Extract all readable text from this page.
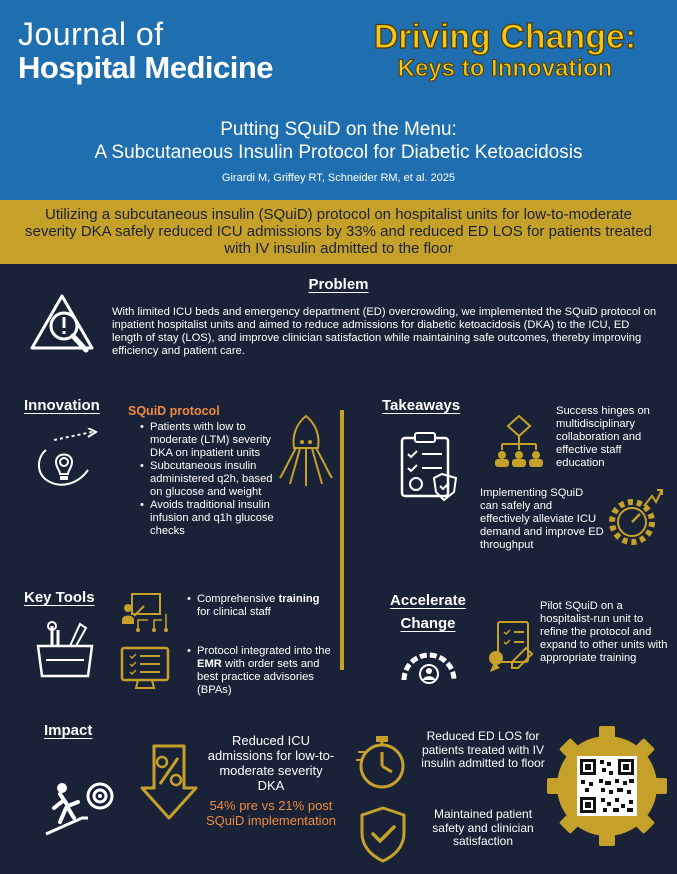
Journal of
Hospital Medicine
Driving Change:
Keys to Innovation
Putting SQuiD on the Menu:
A Subcutaneous Insulin Protocol for Diabetic Ketoacidosis
Girardi M, Griffey RT, Schneider RM, et al. 2025
Utilizing a subcutaneous insulin (SQuiD) protocol on hospitalist units for low-to-moderate severity DKA safely reduced ICU admissions by 33% and reduced ED LOS for patients treated with IV insulin admitted to the floor
Problem
With limited ICU beds and emergency department (ED) overcrowding, we implemented the SQuiD protocol on inpatient hospitalist units and aimed to reduce admissions for diabetic ketoacidosis (DKA) to the ICU, ED length of stay (LOS), and improve clinician satisfaction while maintaining safe outcomes, thereby improving efficiency and patient care.
Innovation SQuiD protocol
• Patients with low to moderate (LTM) severity DKA on inpatient units
• Subcutaneous insulin administered q2h, based on glucose and weight
• Avoids traditional insulin infusion and q1h glucose checks
Takeaways	Success hinges on multidisciplinary collaboration and effective staff education
Implementing SQuiD can safely and effectively alleviate ICU demand and improve ED throughput
Key Tools
•	Comprehensive training for clinical staff
• Protocol integrated into the EMR with order sets and best practice advisories (BPAs)
Accelerate
Change
Pilot SQuiD on a hospitalist-run unit to refine the protocol and expand to other units with appropriate training
Impact
Reduced ICU admissions for low-to-moderate severity DKA
54% pre vs 21% post SQuiD implementation
Reduced ED LOS for patients treated with IV insulin admitted to floor
Maintained patient safety and clinician satisfaction
